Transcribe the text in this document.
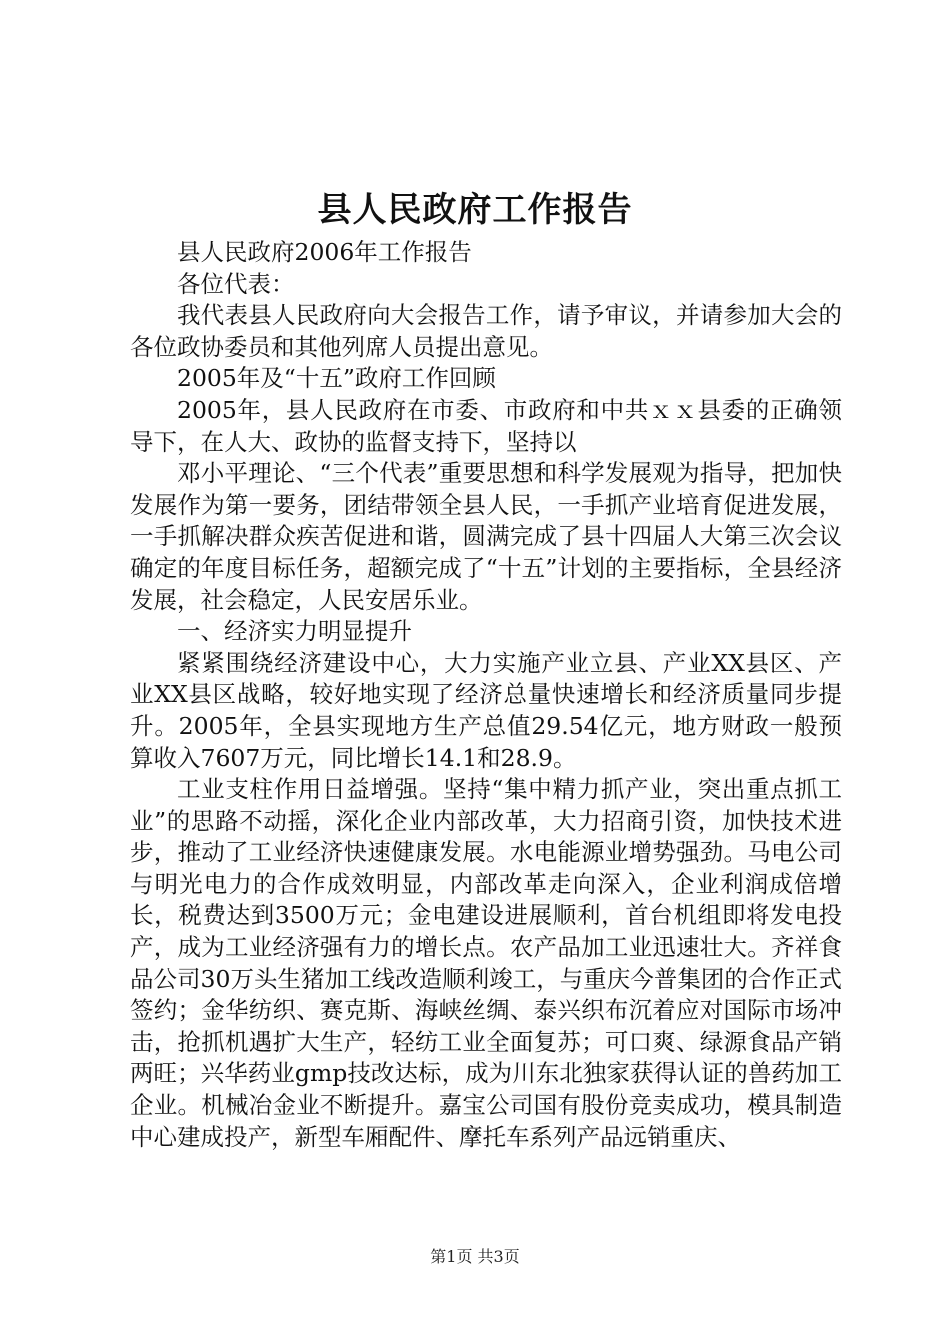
县人民政府工作报告

县人民政府2006年工作报告

各位代表：

我代表县人民政府向大会报告工作，请予审议，并请参加大会的各位政协委员和其他列席人员提出意见。

2005年及“十五”政府工作回顾

2005年，县人民政府在市委、市政府和中共ｘｘ县委的正确领导下，在人大、政协的监督支持下，坚持以

邓小平理论、“三个代表”重要思想和科学发展观为指导，把加快发展作为第一要务，团结带领全县人民，一手抓产业培育促进发展，一手抓解决群众疾苦促进和谐，圆满完成了县十四届人大第三次会议确定的年度目标任务，超额完成了“十五”计划的主要指标，全县经济发展，社会稳定，人民安居乐业。

一、经济实力明显提升

紧紧围绕经济建设中心，大力实施产业立县、产业XX县区、产业XX县区战略，较好地实现了经济总量快速增长和经济质量同步提升。2005年，全县实现地方生产总值29.54亿元，地方财政一般预算收入7607万元，同比增长14.1和28.9。

工业支柱作用日益增强。坚持“集中精力抓产业，突出重点抓工业”的思路不动摇，深化企业内部改革，大力招商引资，加快技术进步，推动了工业经济快速健康发展。水电能源业增势强劲。马电公司与明光电力的合作成效明显，内部改革走向深入，企业利润成倍增长，税费达到3500万元；金电建设进展顺利，首台机组即将发电投产，成为工业经济强有力的增长点。农产品加工业迅速壮大。齐祥食品公司30万头生猪加工线改造顺利竣工，与重庆今普集团的合作正式签约；金华纺织、赛克斯、海峡丝绸、泰兴织布沉着应对国际市场冲击，抢抓机遇扩大生产，轻纺工业全面复苏；可口爽、绿源食品产销两旺；兴华药业gmp技改达标，成为川东北独家获得认证的兽药加工企业。机械冶金业不断提升。嘉宝公司国有股份竞卖成功，模具制造中心建成投产，新型车厢配件、摩托车系列产品远销重庆、

第1页 共3页
